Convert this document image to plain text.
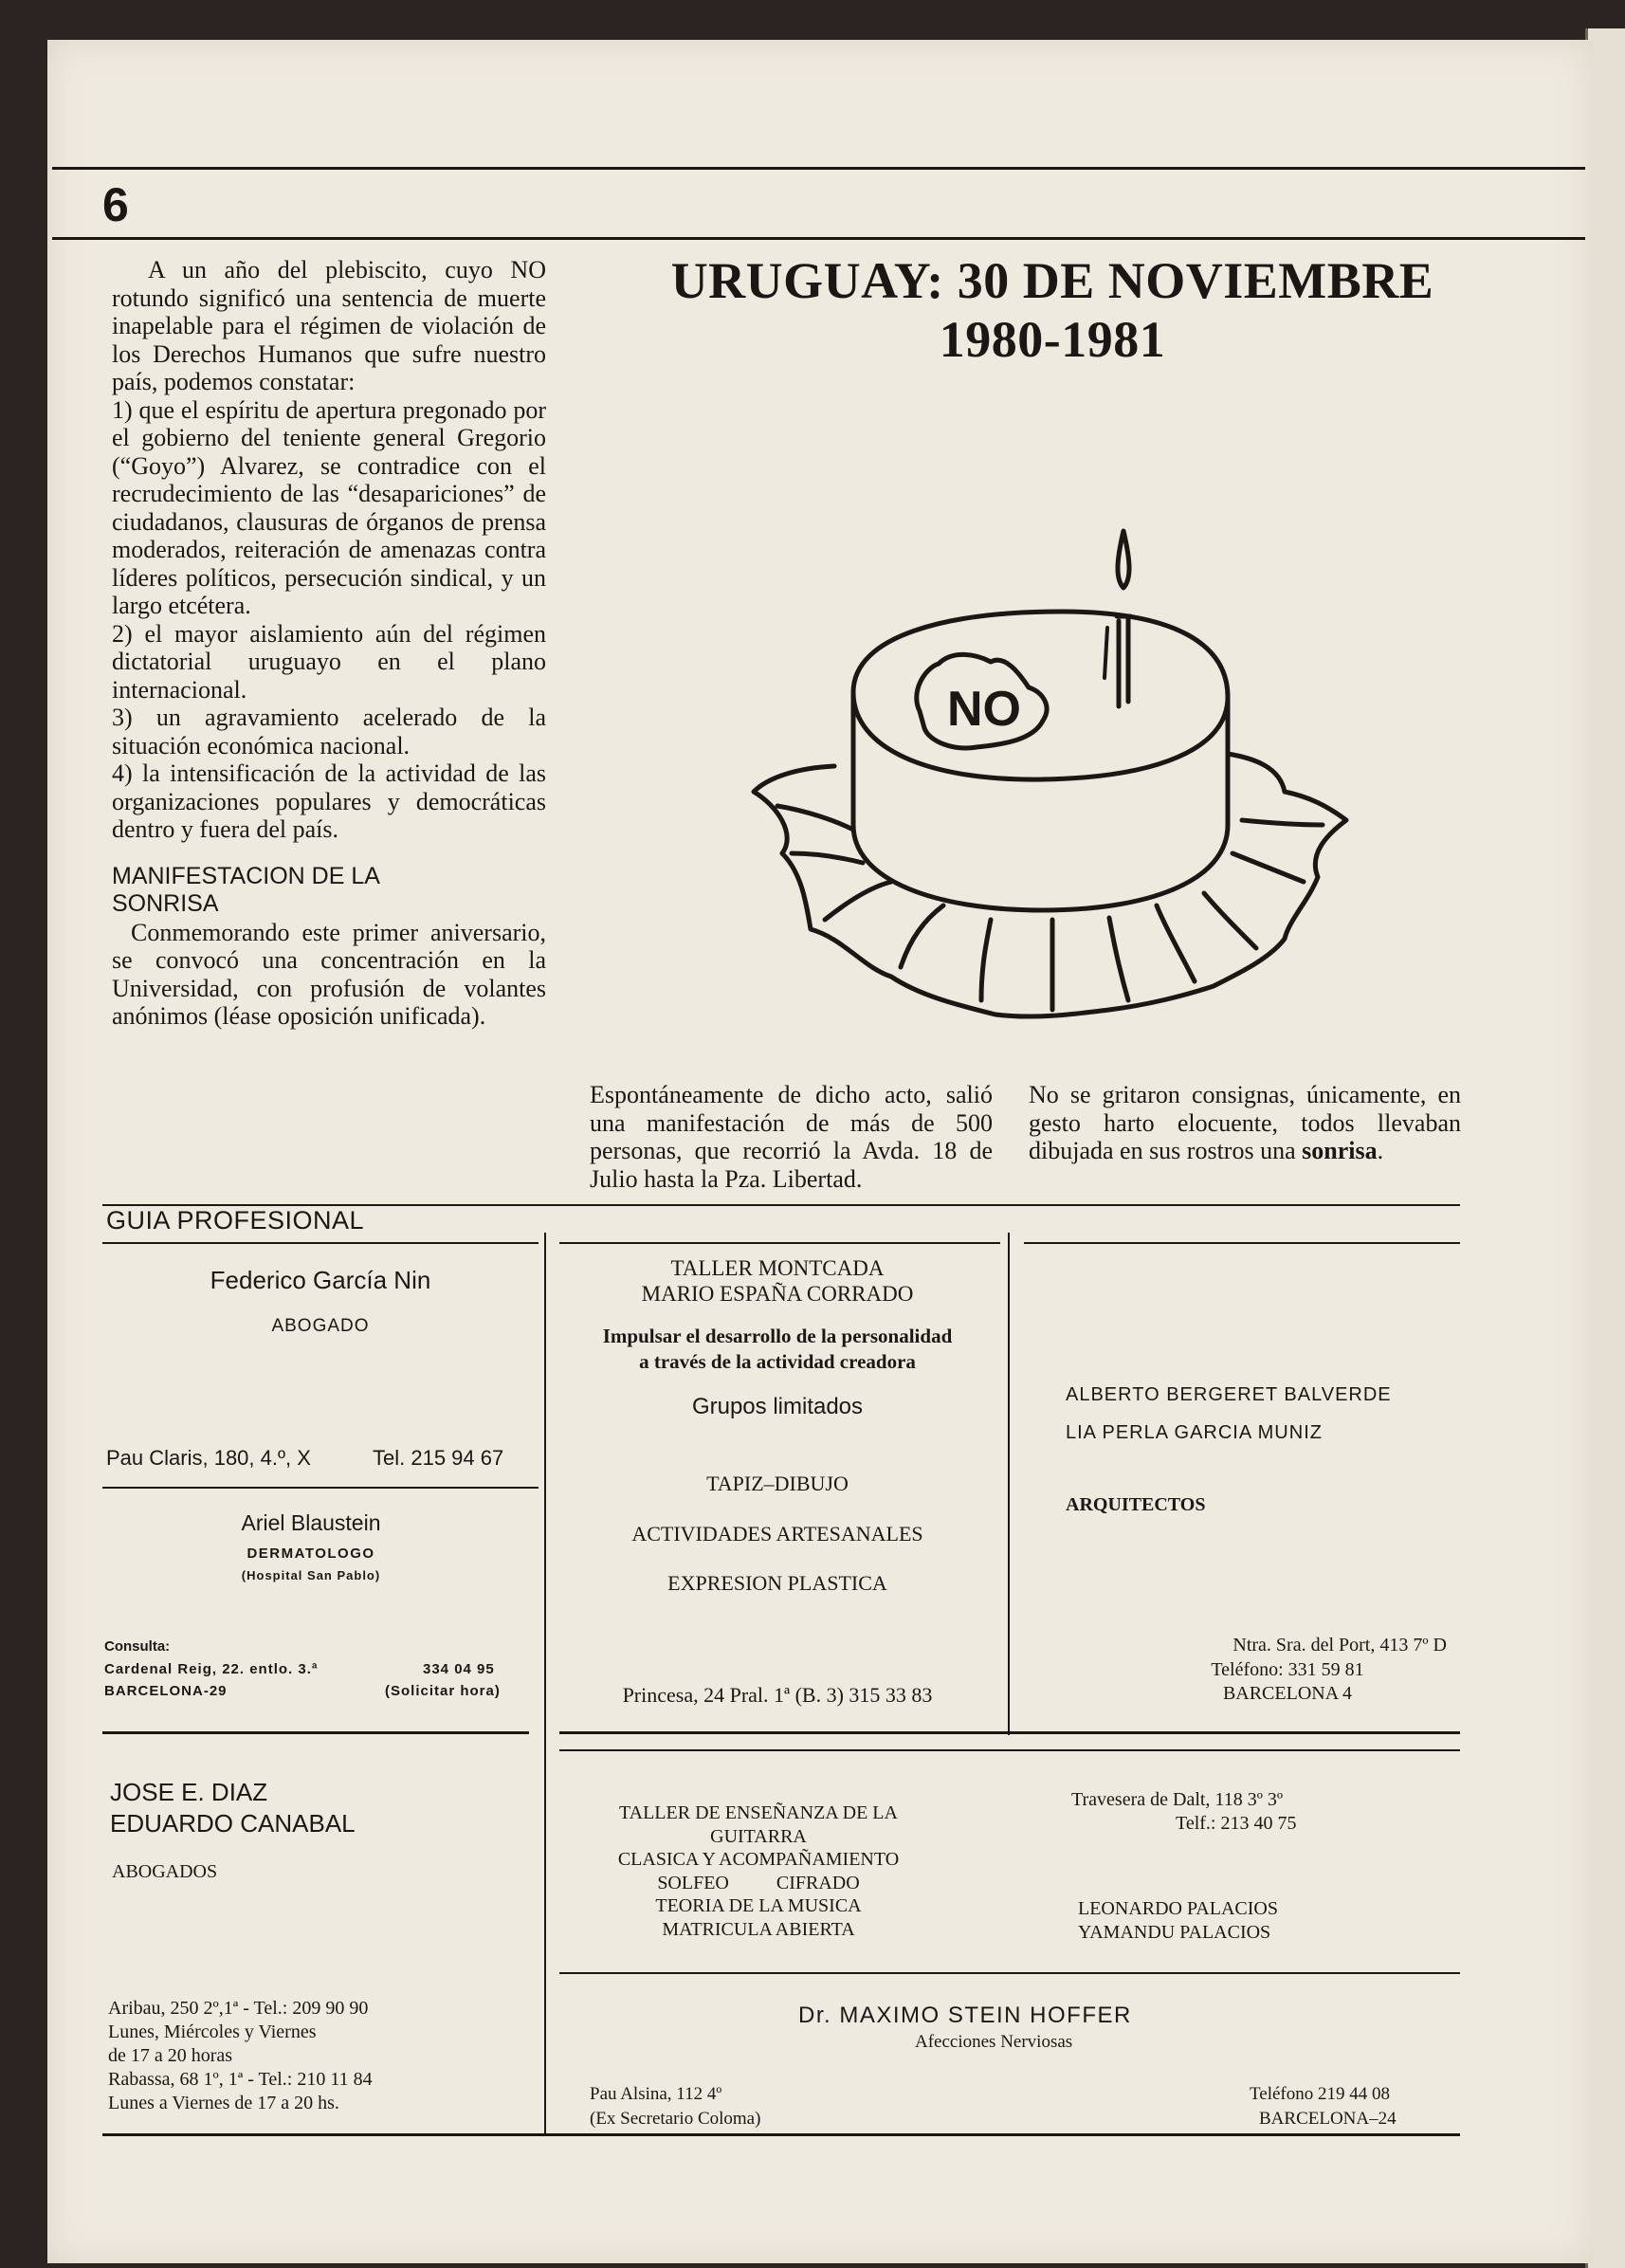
6

A un año del plebiscito, cuyo NO rotundo significó una sentencia de muerte inapelable para el régimen de violación de los Derechos Humanos que sufre nuestro país, podemos constatar:

1) que el espíritu de apertura pregonado por el gobierno del teniente general Gregorio (“Goyo”) Alvarez, se contradice con el recrudecimiento de las “desapariciones” de ciudadanos, clausuras de órganos de prensa moderados, reiteración de amenazas contra líderes políticos, persecución sindical, y un largo etcétera.

2) el mayor aislamiento aún del régimen dictatorial uruguayo en el plano internacional.

3) un agravamiento acelerado de la situación económica nacional.

4) la intensificación de la actividad de las organizaciones populares y democráticas dentro y fuera del país.

MANIFESTACION DE LA SONRISA

Conmemorando este primer aniversario, se convocó una concentración en la Universidad, con profusión de volantes anónimos (léase oposición unificada).

URUGUAY: 30 DE NOVIEMBRE
1980-1981
NO
Espontáneamente de dicho acto, salió una manifestación de más de 500 personas, que recorrió la Avda. 18 de Julio hasta la Pza. Libertad.
No se gritaron consignas, únicamente, en gesto harto elocuente, todos llevaban dibujada en sus rostros una sonrisa.
GUIA PROFESIONAL
Federico García Nin
ABOGADO
Pau Claris, 180, 4.º, X	Tel. 215 94 67
Ariel Blaustein
DERMATOLOGO
(Hospital San Pablo)
Consulta:
Cardenal Reig, 22. entlo. 3.ª	334 04 95
BARCELONA-29	(Solicitar hora)
TALLER MONTCADA
MARIO ESPAÑA CORRADO
Impulsar el desarrollo de la personalidad
a través de la actividad creadora
Grupos limitados
TAPIZ–DIBUJO
ACTIVIDADES ARTESANALES
EXPRESION PLASTICA
Princesa, 24 Pral. 1ª (B. 3) 315 33 83
ALBERTO BERGERET BALVERDE
LIA PERLA GARCIA MUNIZ
ARQUITECTOS
Ntra. Sra. del Port, 413 7º D
Teléfono: 331 59 81
BARCELONA 4
JOSE E. DIAZ
EDUARDO CANABAL
ABOGADOS
Aribau, 250 2º,1ª - Tel.: 209 90 90
Lunes, Miércoles y Viernes
de 17 a 20 horas
Rabassa, 68 1º, 1ª - Tel.: 210 11 84
Lunes a Viernes de 17 a 20 hs.
TALLER DE ENSEÑANZA DE LA
GUITARRA
CLASICA Y ACOMPAÑAMIENTO
SOLFEO	CIFRADO
TEORIA DE LA MUSICA
MATRICULA ABIERTA
Travesera de Dalt, 118 3º 3º
Telf.: 213 40 75
LEONARDO PALACIOS
YAMANDU PALACIOS
Dr. MAXIMO STEIN HOFFER
Afecciones Nerviosas
Pau Alsina, 112 4º
(Ex Secretario Coloma)
Teléfono 219 44 08
BARCELONA–24
